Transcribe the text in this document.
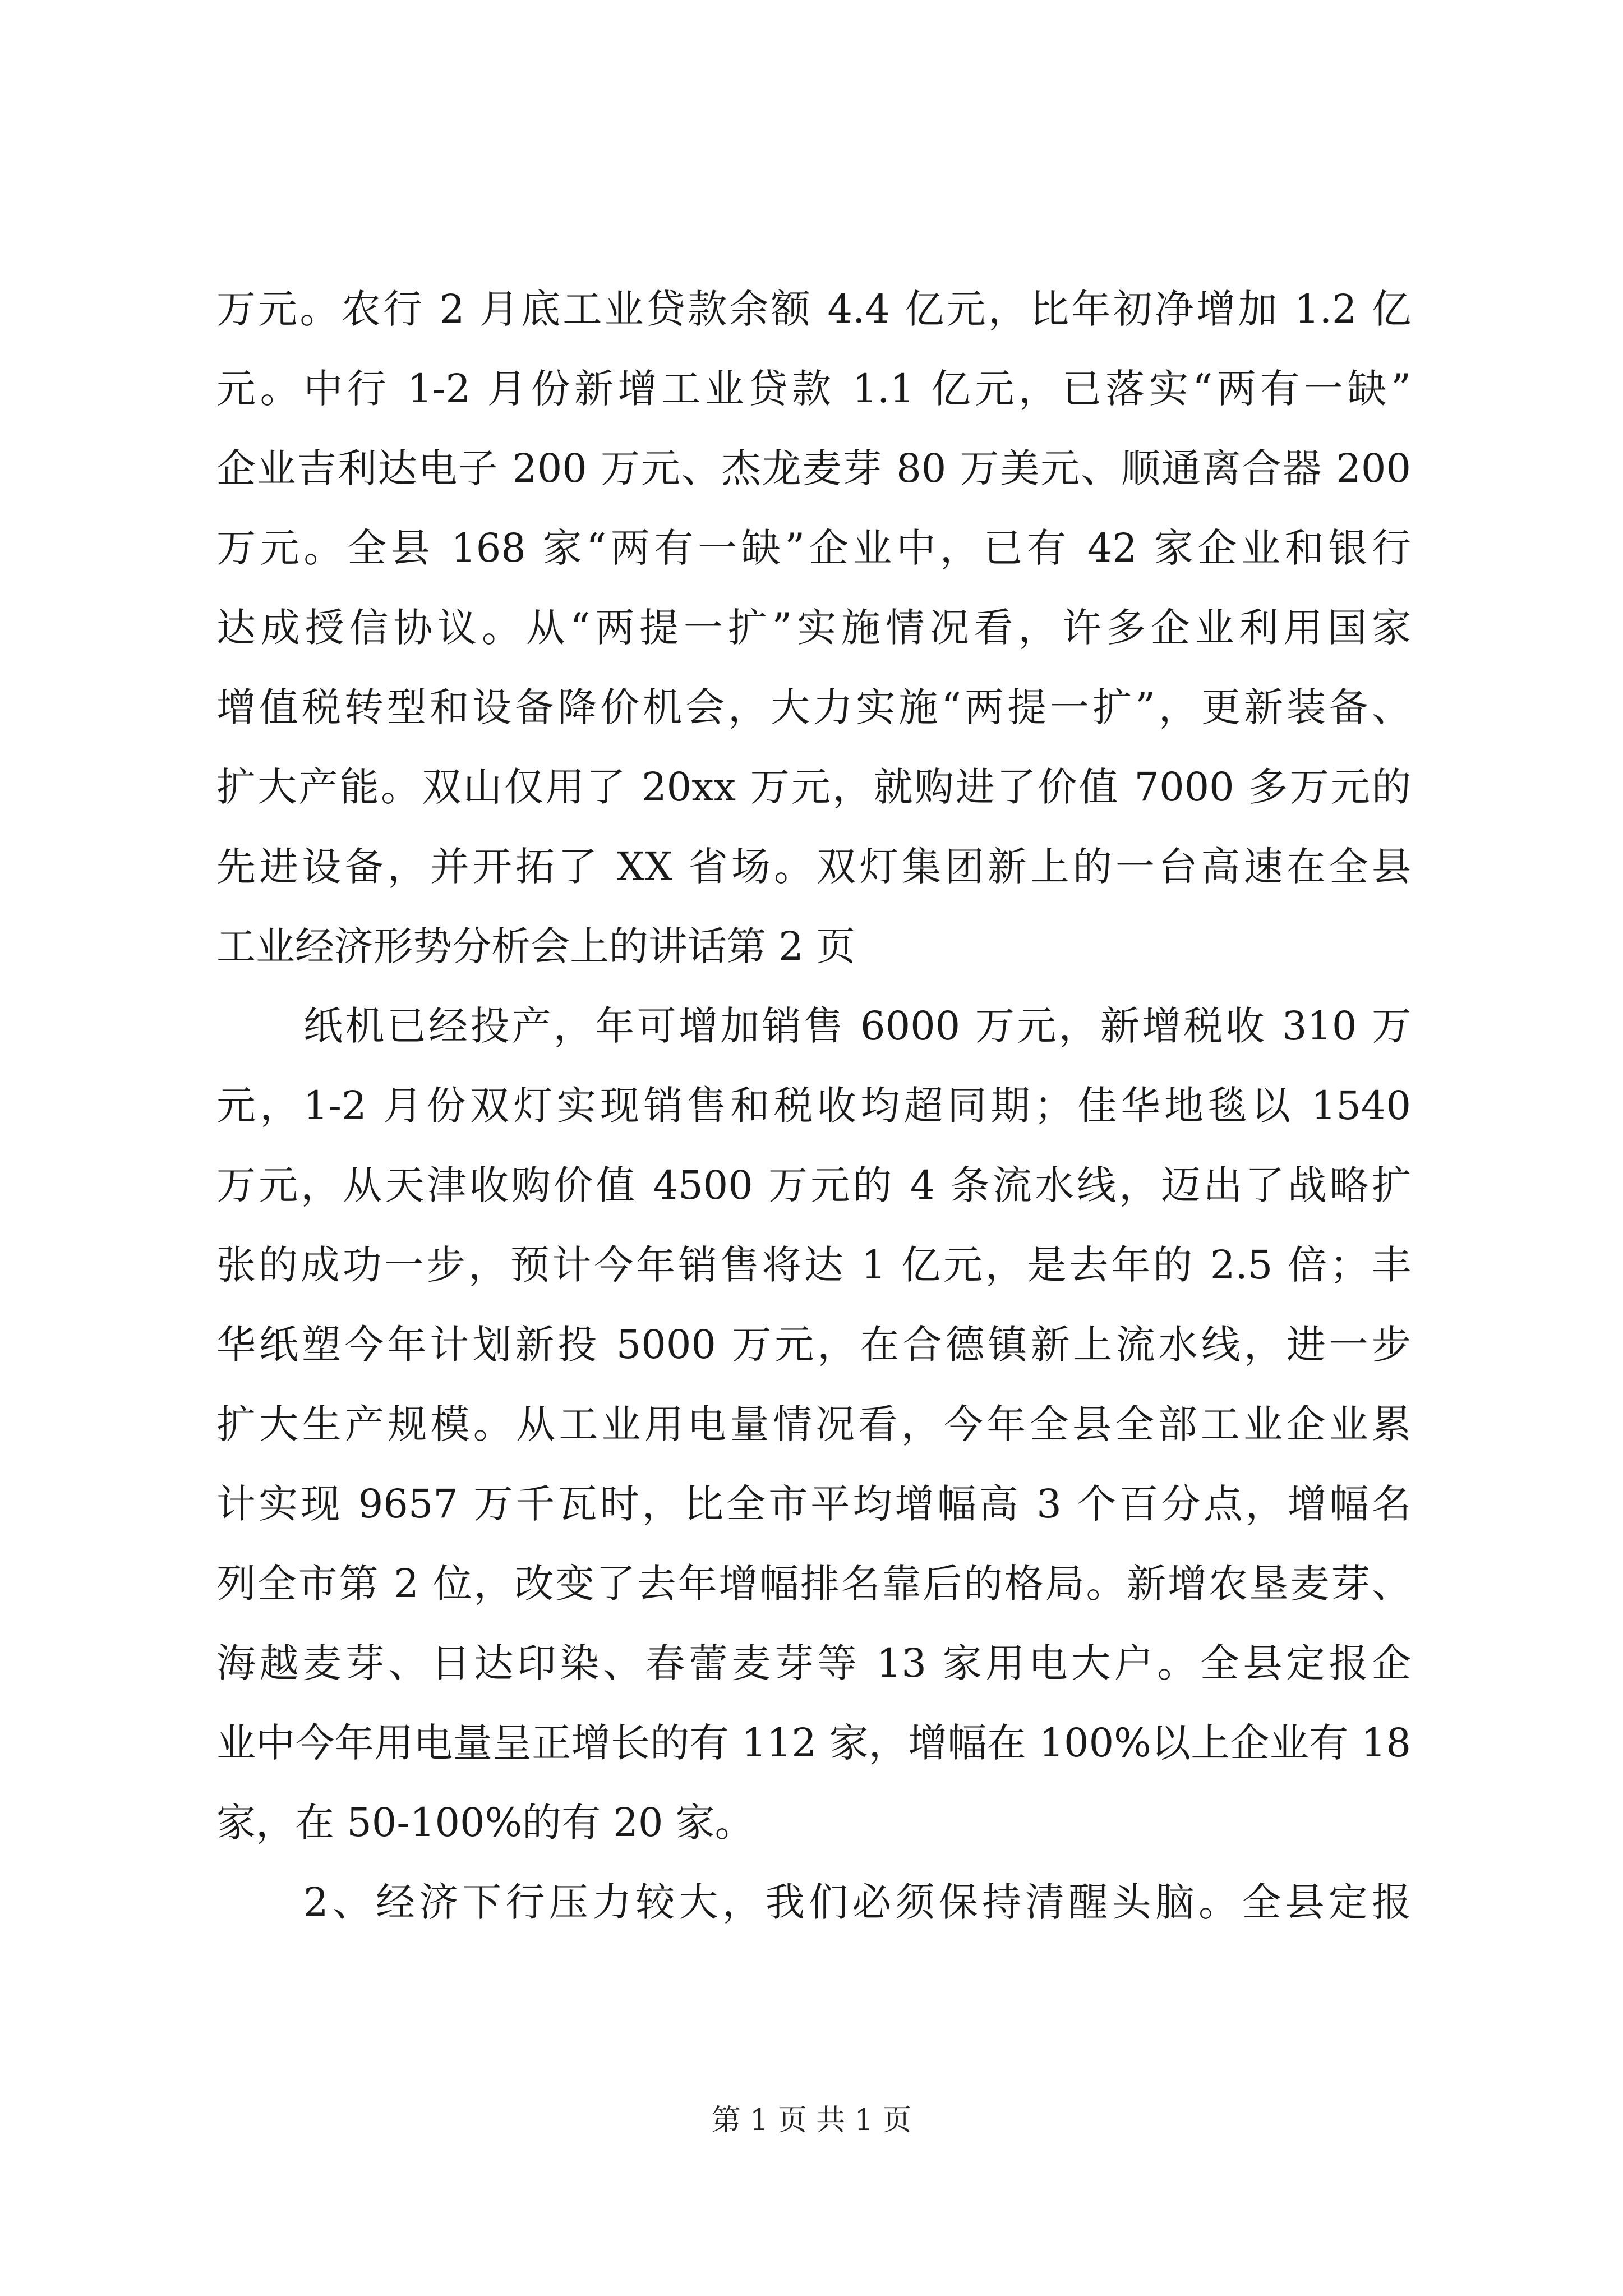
万元。农行 2 月底工业贷款余额 4.4 亿元，比年初净增加 1.2 亿
元。中行 1-2 月份新增工业贷款 1.1 亿元，已落实“两有一缺”
企业吉利达电子 200 万元、杰龙麦芽 80 万美元、顺通离合器 200
万元。全县 168 家“两有一缺”企业中，已有 42 家企业和银行
达成授信协议。从“两提一扩”实施情况看，许多企业利用国家
增值税转型和设备降价机会，大力实施“两提一扩”，更新装备、
扩大产能。双山仅用了 20xx 万元，就购进了价值 7000 多万元的
先进设备，并开拓了 XX 省场。双灯集团新上的一台高速在全县
工业经济形势分析会上的讲话第 2 页
纸机已经投产，年可增加销售 6000 万元，新增税收 310 万
元，1-2 月份双灯实现销售和税收均超同期；佳华地毯以 1540
万元，从天津收购价值 4500 万元的 4 条流水线，迈出了战略扩
张的成功一步，预计今年销售将达 1 亿元，是去年的 2.5 倍；丰
华纸塑今年计划新投 5000 万元，在合德镇新上流水线，进一步
扩大生产规模。从工业用电量情况看，今年全县全部工业企业累
计实现 9657 万千瓦时，比全市平均增幅高 3 个百分点，增幅名
列全市第 2 位，改变了去年增幅排名靠后的格局。新增农垦麦芽、
海越麦芽、日达印染、春蕾麦芽等 13 家用电大户。全县定报企
业中今年用电量呈正增长的有 112 家，增幅在 100%以上企业有 18
家，在 50-100%的有 20 家。
2、经济下行压力较大，我们必须保持清醒头脑。全县定报
第 1 页 共 1 页
